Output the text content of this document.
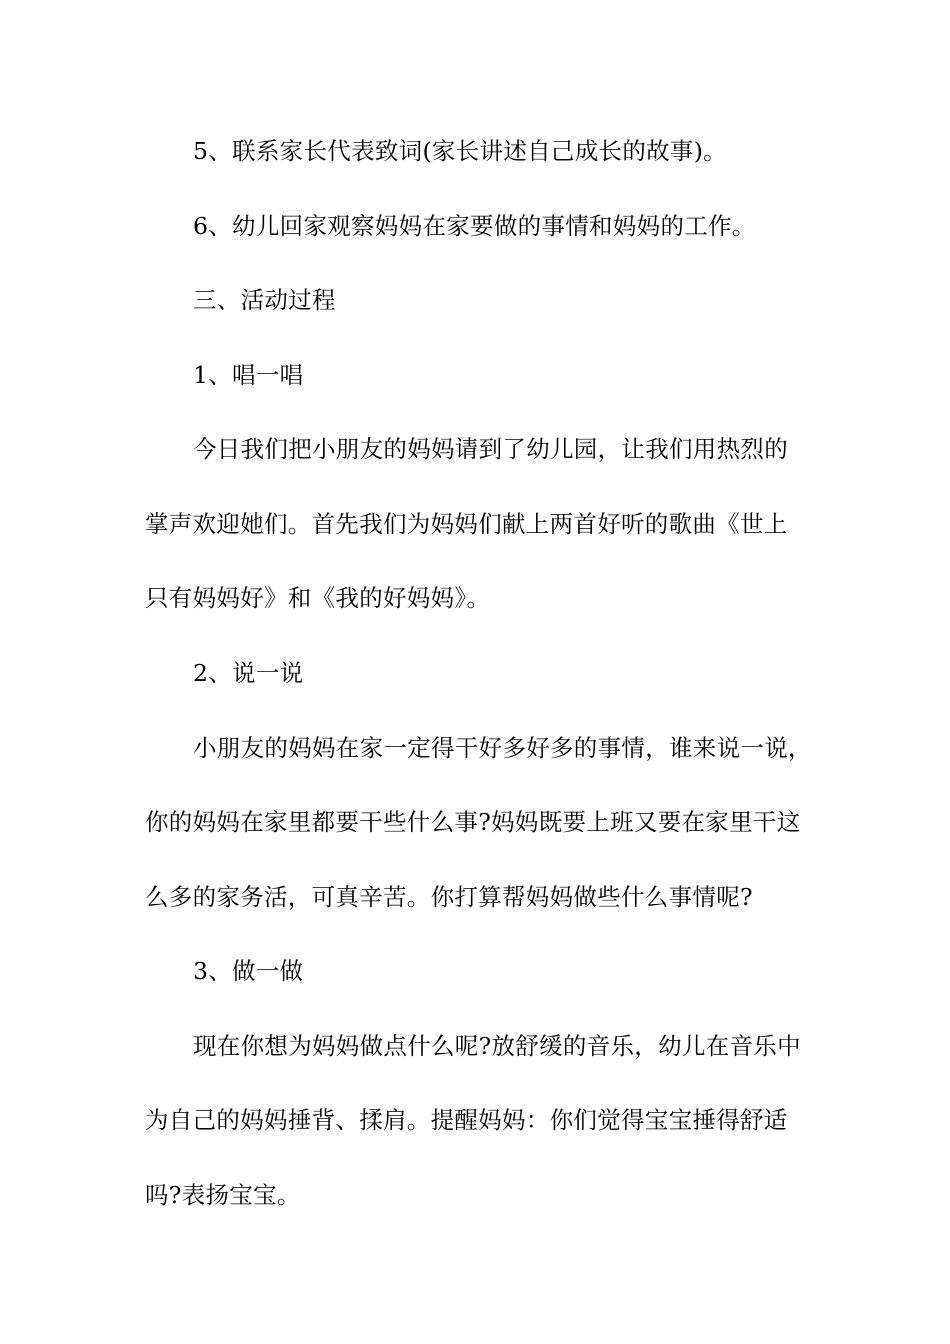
5、联系家长代表致词(家长讲述自己成长的故事)。
6、幼儿回家观察妈妈在家要做的事情和妈妈的工作。
三、活动过程
1、唱一唱
今日我们把小朋友的妈妈请到了幼儿园，让我们用热烈的
掌声欢迎她们。首先我们为妈妈们献上两首好听的歌曲《世上
只有妈妈好》和《我的好妈妈》。
2、说一说
小朋友的妈妈在家一定得干好多好多的事情，谁来说一说，
你的妈妈在家里都要干些什么事?妈妈既要上班又要在家里干这
么多的家务活，可真辛苦。你打算帮妈妈做些什么事情呢?
3、做一做
现在你想为妈妈做点什么呢?放舒缓的音乐，幼儿在音乐中
为自己的妈妈捶背、揉肩。提醒妈妈：你们觉得宝宝捶得舒适
吗?表扬宝宝。
